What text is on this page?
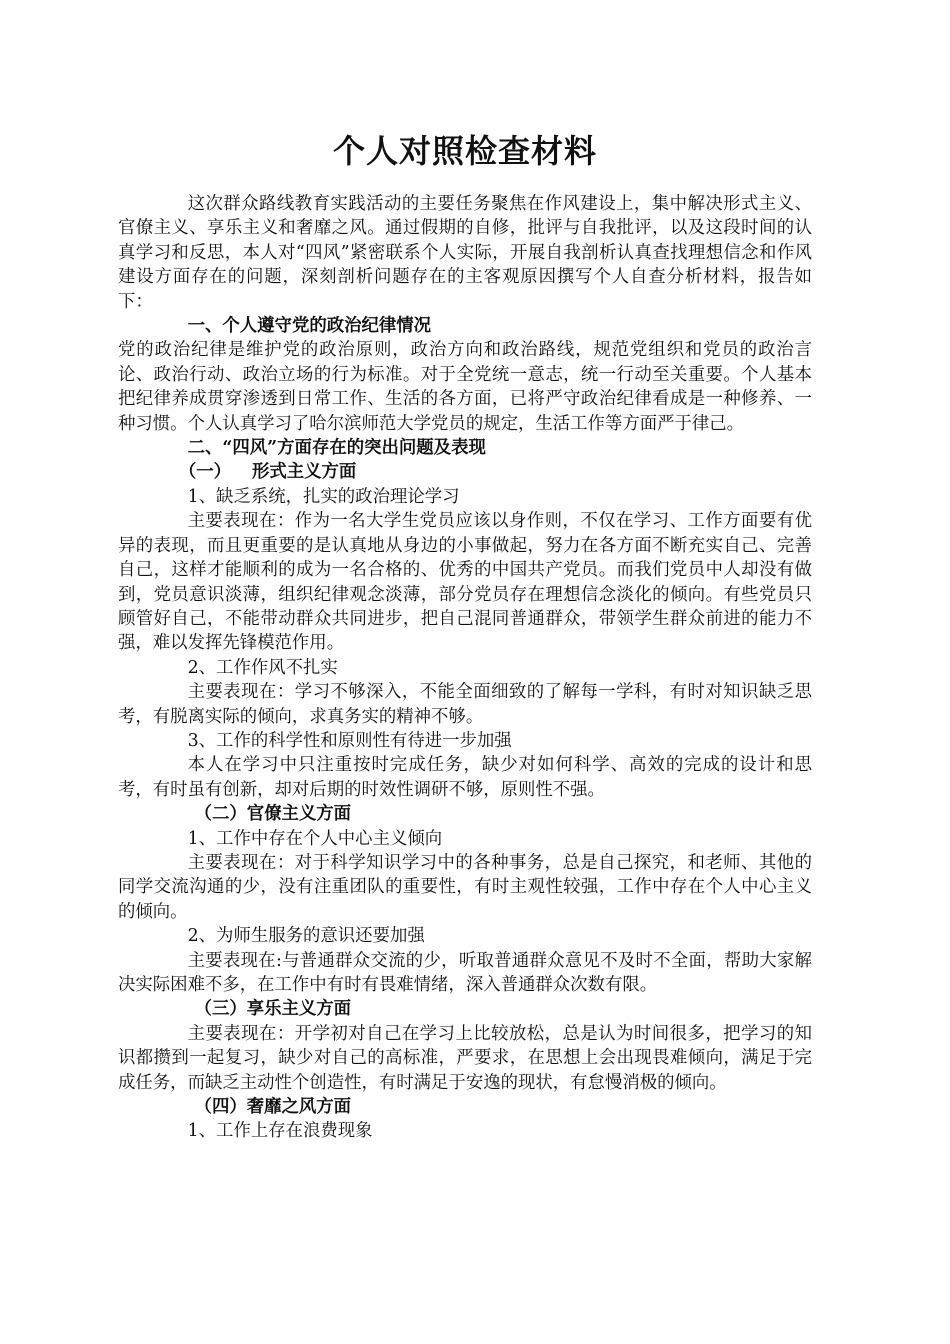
个人对照检查材料

这次群众路线教育实践活动的主要任务聚焦在作风建设上，集中解决形式主义、官僚主义、享乐主义和奢靡之风。通过假期的自修，批评与自我批评，以及这段时间的认真学习和反思，本人对“四风”紧密联系个人实际，开展自我剖析认真查找理想信念和作风建设方面存在的问题，深刻剖析问题存在的主客观原因撰写个人自查分析材料，报告如下：

一、个人遵守党的政治纪律情况

党的政治纪律是维护党的政治原则，政治方向和政治路线，规范党组织和党员的政治言论、政治行动、政治立场的行为标准。对于全党统一意志，统一行动至关重要。个人基本把纪律养成贯穿渗透到日常工作、生活的各方面，已将严守政治纪律看成是一种修养、一种习惯。个人认真学习了哈尔滨师范大学党员的规定，生活工作等方面严于律己。

二、“四风”方面存在的突出问题及表现

（一） 形式主义方面

1、缺乏系统，扎实的政治理论学习

主要表现在：作为一名大学生党员应该以身作则，不仅在学习、工作方面要有优异的表现，而且更重要的是认真地从身边的小事做起，努力在各方面不断充实自己、完善自己，这样才能顺利的成为一名合格的、优秀的中国共产党员。而我们党员中人却没有做到，党员意识淡薄，组织纪律观念淡薄，部分党员存在理想信念淡化的倾向。有些党员只顾管好自己，不能带动群众共同进步，把自己混同普通群众，带领学生群众前进的能力不强，难以发挥先锋模范作用。

2、工作作风不扎实

主要表现在：学习不够深入，不能全面细致的了解每一学科，有时对知识缺乏思考，有脱离实际的倾向，求真务实的精神不够。

3、工作的科学性和原则性有待进一步加强

本人在学习中只注重按时完成任务，缺少对如何科学、高效的完成的设计和思考，有时虽有创新，却对后期的时效性调研不够，原则性不强。

（二）官僚主义方面

1、工作中存在个人中心主义倾向

主要表现在：对于科学知识学习中的各种事务，总是自己探究，和老师、其他的同学交流沟通的少，没有注重团队的重要性，有时主观性较强，工作中存在个人中心主义的倾向。

2、为师生服务的意识还要加强

主要表现在:与普通群众交流的少，听取普通群众意见不及时不全面，帮助大家解决实际困难不多，在工作中有时有畏难情绪，深入普通群众次数有限。

（三）享乐主义方面

主要表现在：开学初对自己在学习上比较放松，总是认为时间很多，把学习的知识都攒到一起复习，缺少对自己的高标准，严要求，在思想上会出现畏难倾向，满足于完成任务，而缺乏主动性个创造性，有时满足于安逸的现状，有怠慢消极的倾向。

（四）奢靡之风方面

1、工作上存在浪费现象
